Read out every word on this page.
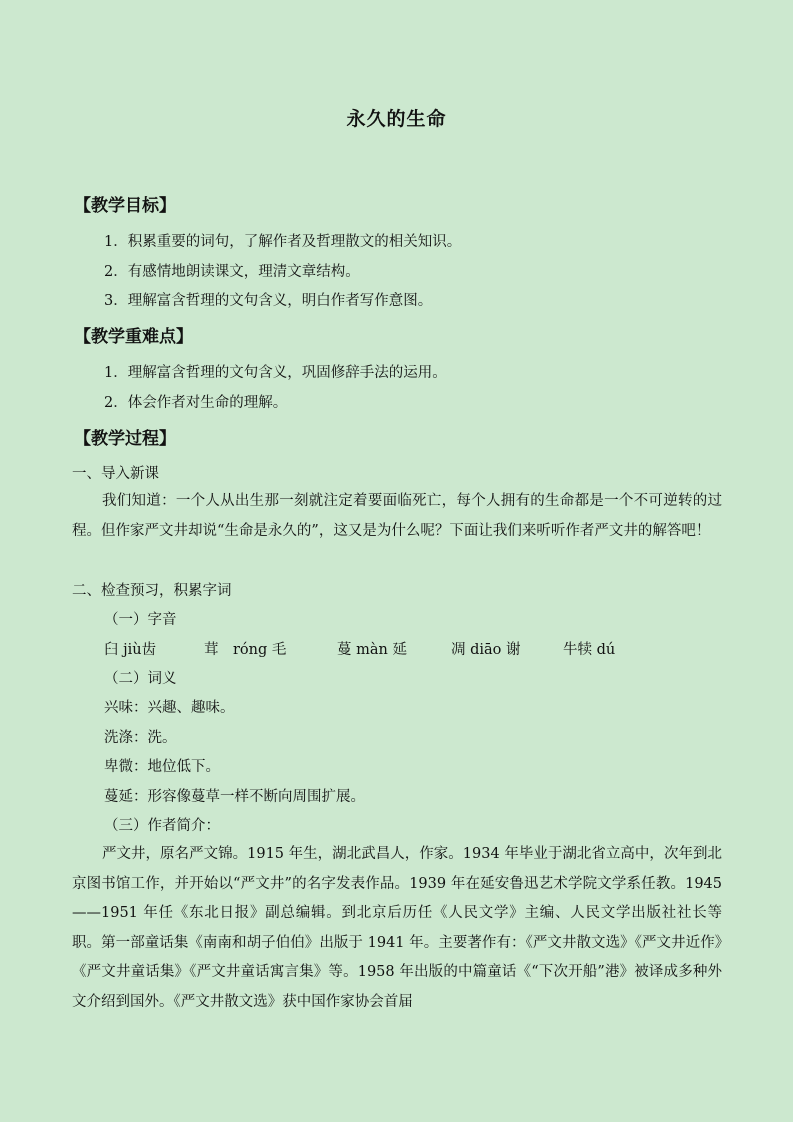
永久的生命
【教学目标】
1．积累重要的词句，了解作者及哲理散文的相关知识。
2．有感情地朗读课文，理清文章结构。
3．理解富含哲理的文句含义，明白作者写作意图。
【教学重难点】
1．理解富含哲理的文句含义，巩固修辞手法的运用。
2．体会作者对生命的理解。
【教学过程】
一、导入新课
我们知道：一个人从出生那一刻就注定着要面临死亡，每个人拥有的生命都是一个不可逆转的过程。但作家严文井却说“生命是永久的”，这又是为什么呢？下面让我们来听听作者严文井的解答吧！
二、检查预习，积累字词
（一）字音
臼 jiù齿	茸　róng 毛	蔓 màn 延	凋 diāo 谢	牛犊 dú
（二）词义
兴味：兴趣、趣味。
洗涤：洗。
卑微：地位低下。
蔓延：形容像蔓草一样不断向周围扩展。
（三）作者简介：
严文井，原名严文锦。1915 年生，湖北武昌人，作家。1934 年毕业于湖北省立高中，次年到北京图书馆工作，并开始以“严文井”的名字发表作品。1939 年在延安鲁迅艺术学院文学系任教。1945——1951 年任《东北日报》副总编辑。到北京后历任《人民文学》主编、人民文学出版社社长等职。第一部童话集《南南和胡子伯伯》出版于 1941 年。主要著作有：《严文井散文选》《严文井近作》《严文井童话集》《严文井童话寓言集》等。1958 年出版的中篇童话《“下次开船”港》被译成多种外文介绍到国外。《严文井散文选》获中国作家协会首届
